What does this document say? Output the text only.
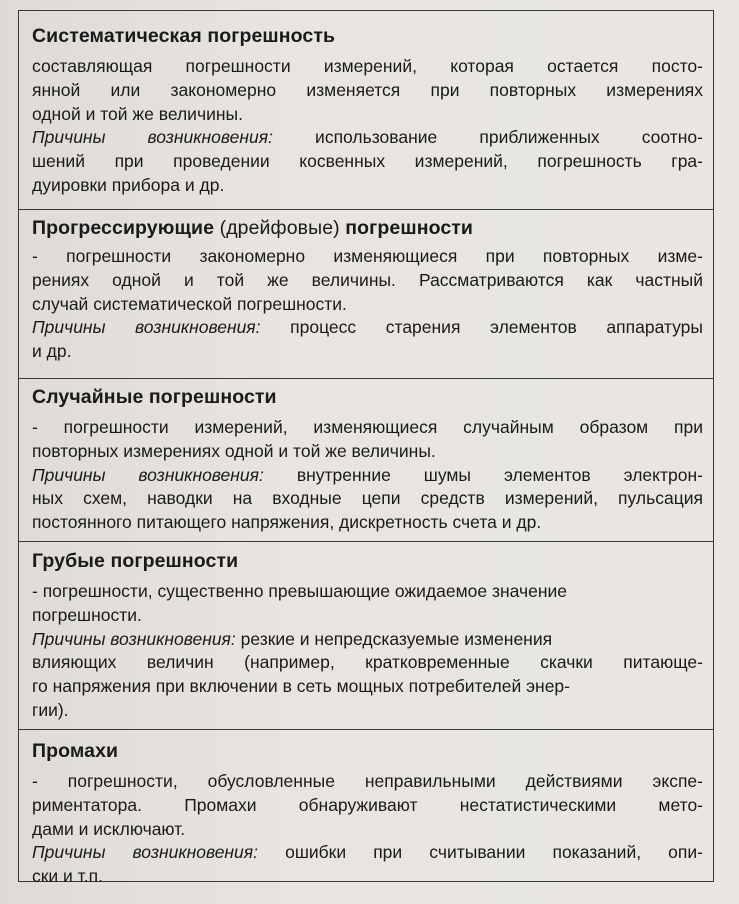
Систематическая погрешность

составляющая погрешности измерений, которая остается посто-

янной или закономерно изменяется при повторных измерениях

одной и той же величины.

Причины возникновения: использование приближенных соотно-

шений при проведении косвенных измерений, погрешность гра-

дуировки прибора и др.

Прогрессирующие (дрейфовые) погрешности

- погрешности закономерно изменяющиеся при повторных изме-

рениях одной и той же величины. Рассматриваются как частный

случай систематической погрешности.

Причины возникновения: процесс старения элементов аппаратуры

и др.

Случайные погрешности

- погрешности измерений, изменяющиеся случайным образом при

повторных измерениях одной и той же величины.

Причины возникновения: внутренние шумы элементов электрон-

ных схем, наводки на входные цепи средств измерений, пульсация

постоянного питающего напряжения, дискретность счета и др.

Грубые погрешности

- погрешности, существенно превышающие ожидаемое значение

погрешности.

Причины возникновения: резкие и непредсказуемые изменения

влияющих величин (например, кратковременные скачки питающе-

го напряжения при включении в сеть мощных потребителей энер-

гии).

Промахи

- погрешности, обусловленные неправильными действиями экспе-

риментатора. Промахи обнаруживают нестатистическими мето-

дами и исключают.

Причины возникновения: ошибки при считывании показаний, опи-

ски и т.п.
